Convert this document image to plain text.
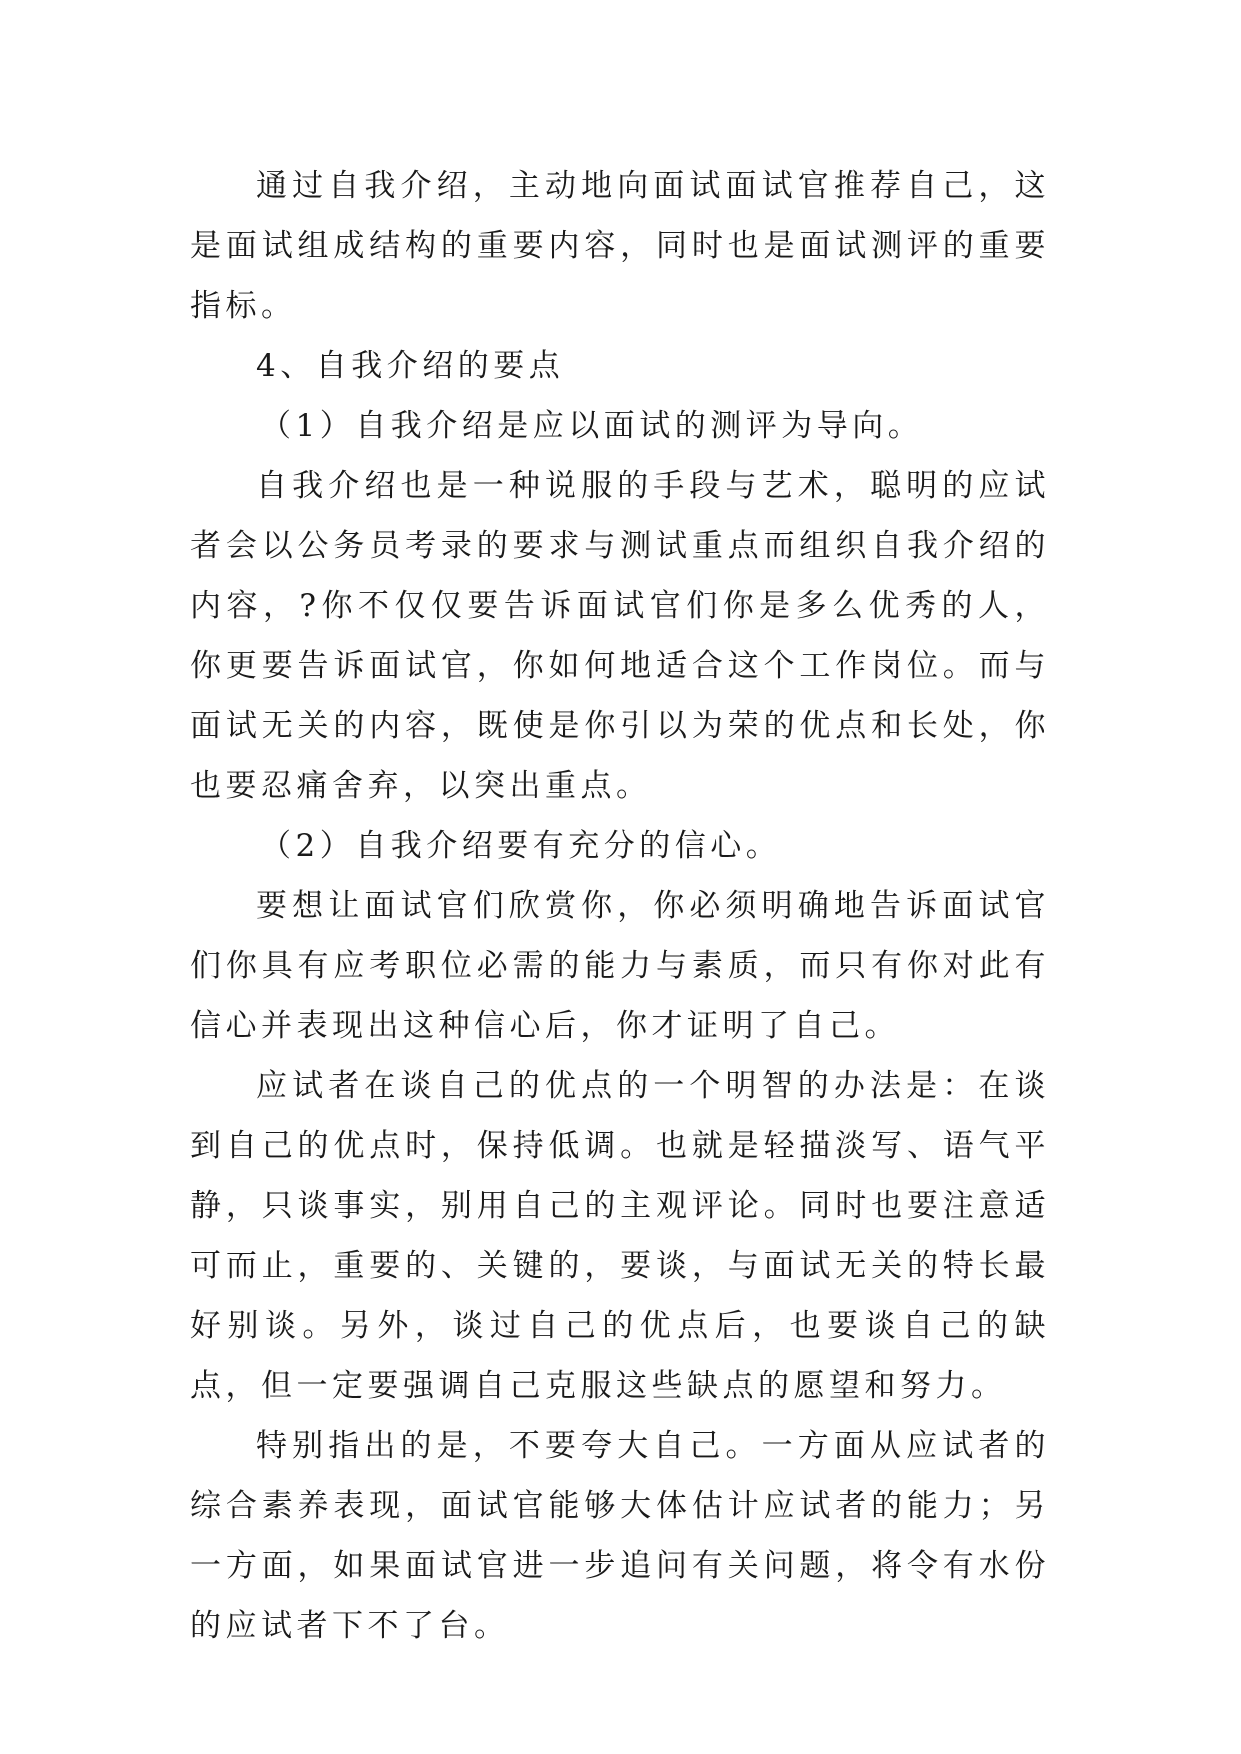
通过自我介绍，主动地向面试面试官推荐自己，这是面试组成结构的重要内容，同时也是面试测评的重要指标。

4、自我介绍的要点

（1）自我介绍是应以面试的测评为导向。

自我介绍也是一种说服的手段与艺术，聪明的应试者会以公务员考录的要求与测试重点而组织自我介绍的内容，?你不仅仅要告诉面试官们你是多么优秀的人，你更要告诉面试官，你如何地适合这个工作岗位。而与面试无关的内容，既使是你引以为荣的优点和长处，你也要忍痛舍弃，以突出重点。

（2）自我介绍要有充分的信心。

要想让面试官们欣赏你，你必须明确地告诉面试官们你具有应考职位必需的能力与素质，而只有你对此有信心并表现出这种信心后，你才证明了自己。

应试者在谈自己的优点的一个明智的办法是：在谈到自己的优点时，保持低调。也就是轻描淡写、语气平静，只谈事实，别用自己的主观评论。同时也要注意适可而止，重要的、关键的，要谈，与面试无关的特长最好别谈。另外，谈过自己的优点后，也要谈自己的缺点，但一定要强调自己克服这些缺点的愿望和努力。

特别指出的是，不要夸大自己。一方面从应试者的综合素养表现，面试官能够大体估计应试者的能力；另一方面，如果面试官进一步追问有关问题，将令有水份的应试者下不了台。
